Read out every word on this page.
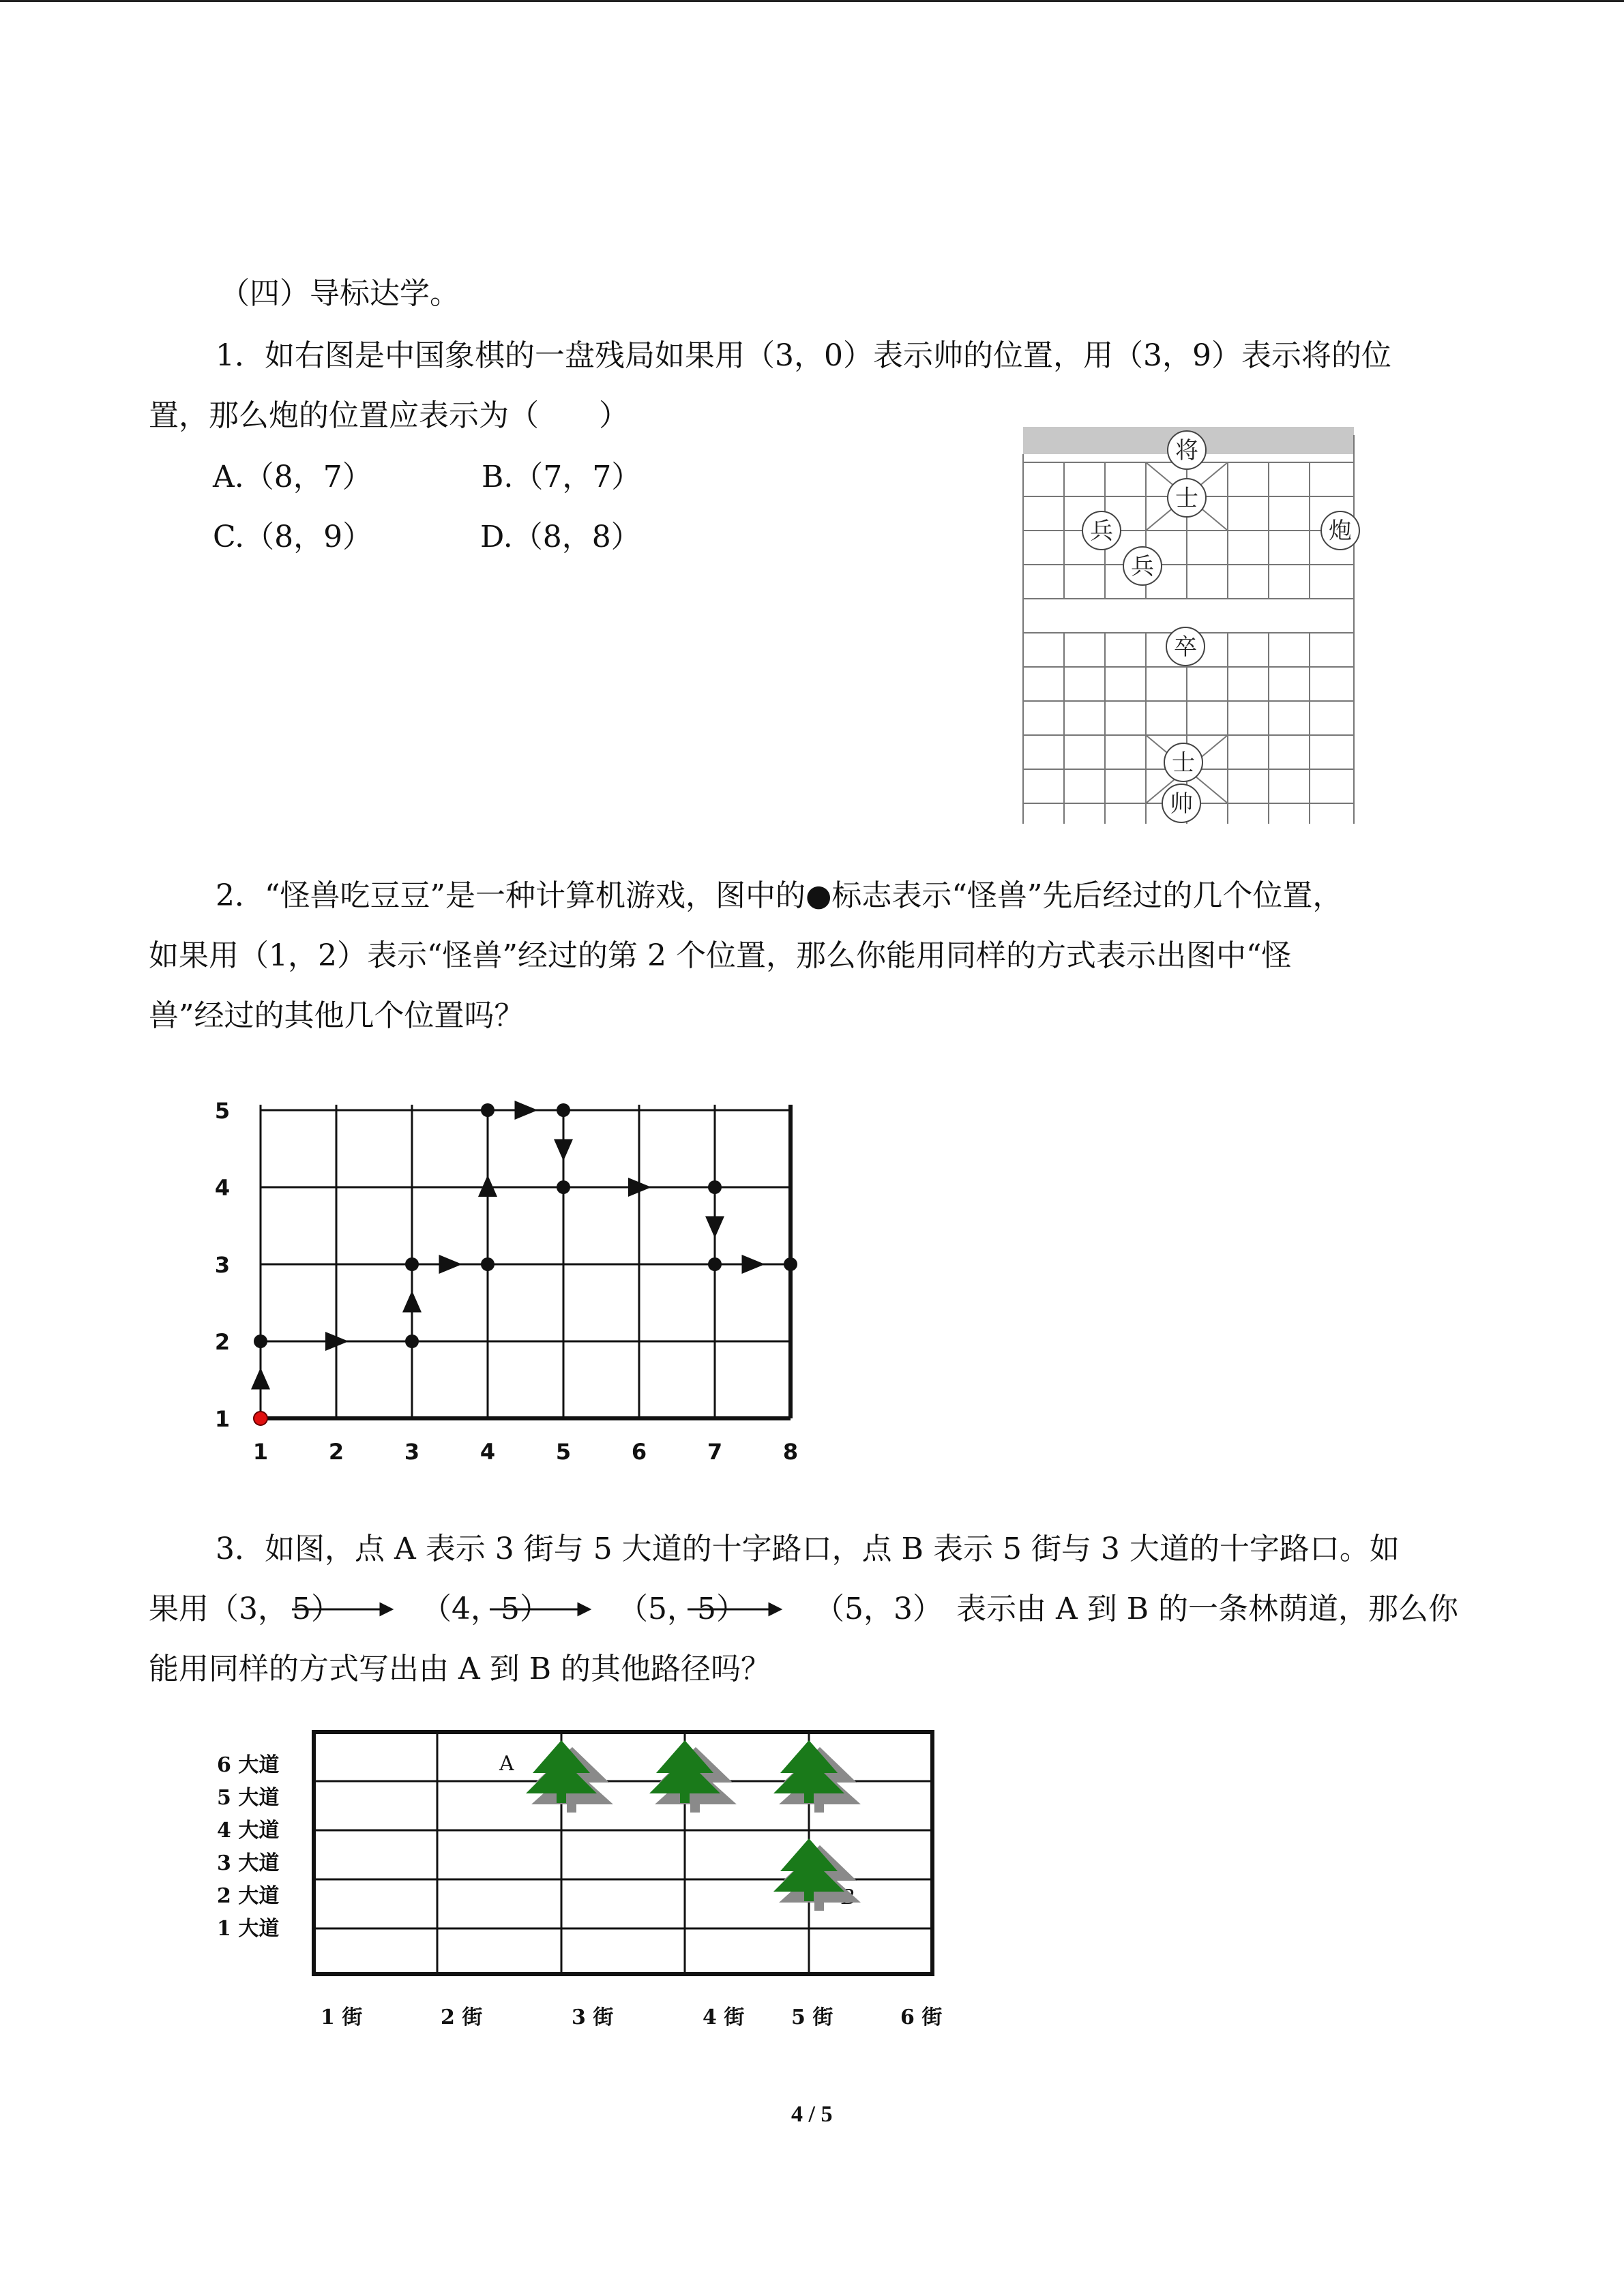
（四）导标达学。
1．如右图是中国象棋的一盘残局如果用（3，0）表示帅的位置，用（3，9）表示将的位
置，那么炮的位置应表示为（　　）
A.（8，7）	B.（7，7）
C.（8，9）	D.（8，8）
将
士
兵
兵
炮
卒
士
帅
2．“怪兽吃豆豆”是一种计算机游戏，图中的●标志表示“怪兽”先后经过的几个位置，
如果用（1，2）表示“怪兽”经过的第 2 个位置，那么你能用同样的方式表示出图中“怪
兽”经过的其他几个位置吗？
1	2	3	4	5	6	7	8
1
2
3
4
5
3．如图，点 A 表示 3 街与 5 大道的十字路口，点 B 表示 5 街与 3 大道的十字路口。如
果用（3， 5）	（4，5） （5，5） （5，3） 表示由 A 到 B 的一条林荫道，那么你
能用同样的方式写出由 A 到 B 的其他路径吗？
6 大道
5 大道
4 大道
3 大道
2 大道
1 大道
1 街	2 街	3 街	4 街 5 街	6 街
A
4 / 5
